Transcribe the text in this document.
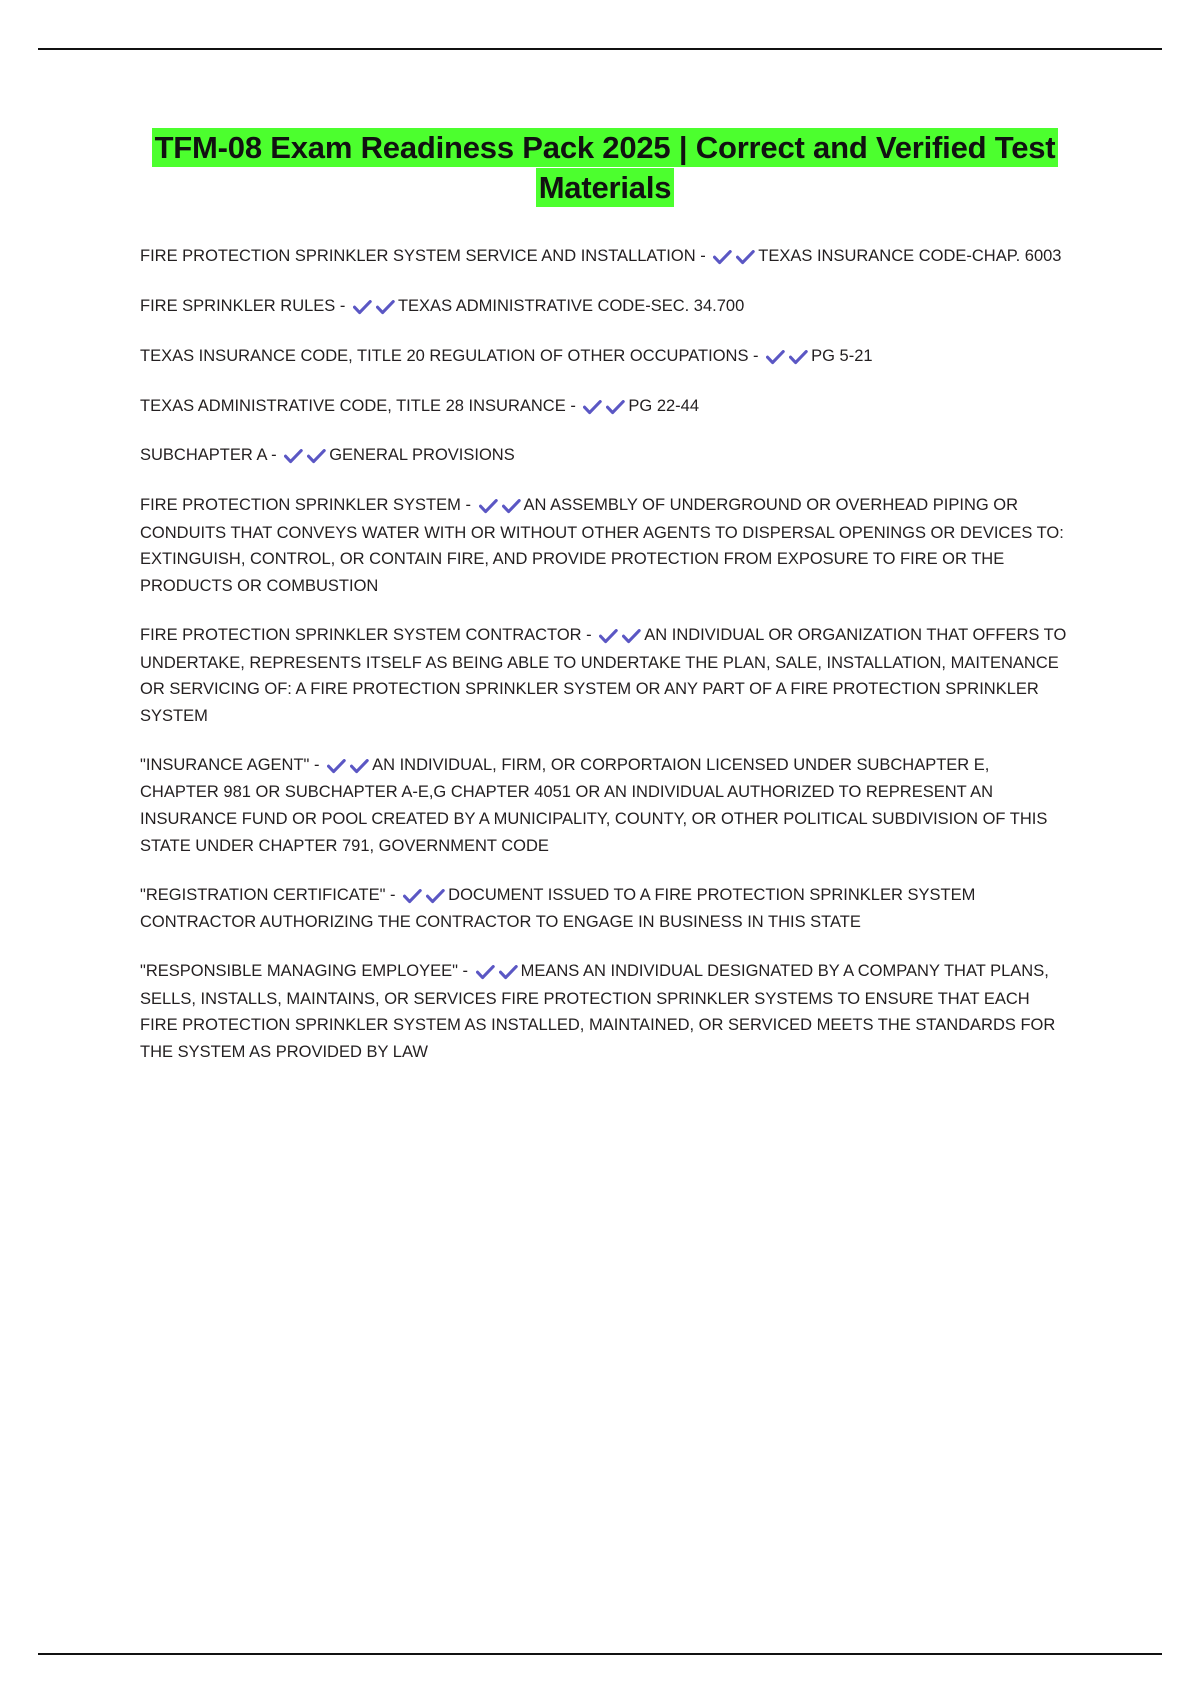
TFM-08 Exam Readiness Pack 2025 | Correct and Verified Test Materials

FIRE PROTECTION SPRINKLER SYSTEM SERVICE AND INSTALLATION -	TEXAS INSURANCE CODE-CHAP. 6003

FIRE SPRINKLER RULES -	TEXAS ADMINISTRATIVE CODE-SEC. 34.700

TEXAS INSURANCE CODE, TITLE 20 REGULATION OF OTHER OCCUPATIONS -	PG 5-21

TEXAS ADMINISTRATIVE CODE, TITLE 28 INSURANCE -	PG 22-44

SUBCHAPTER A -	GENERAL PROVISIONS

FIRE PROTECTION SPRINKLER SYSTEM -	AN ASSEMBLY OF UNDERGROUND OR OVERHEAD PIPING OR CONDUITS THAT CONVEYS WATER WITH OR WITHOUT OTHER AGENTS TO DISPERSAL OPENINGS OR DEVICES TO: EXTINGUISH, CONTROL, OR CONTAIN FIRE, AND PROVIDE PROTECTION FROM EXPOSURE TO FIRE OR THE PRODUCTS OR COMBUSTION

FIRE PROTECTION SPRINKLER SYSTEM CONTRACTOR -	AN INDIVIDUAL OR ORGANIZATION THAT OFFERS TO UNDERTAKE, REPRESENTS ITSELF AS BEING ABLE TO UNDERTAKE THE PLAN, SALE, INSTALLATION, MAITENANCE OR SERVICING OF: A FIRE PROTECTION SPRINKLER SYSTEM OR ANY PART OF A FIRE PROTECTION SPRINKLER SYSTEM

"INSURANCE AGENT" -	AN INDIVIDUAL, FIRM, OR CORPORTAION LICENSED UNDER SUBCHAPTER E, CHAPTER 981 OR SUBCHAPTER A-E,G CHAPTER 4051 OR AN INDIVIDUAL AUTHORIZED TO REPRESENT AN INSURANCE FUND OR POOL CREATED BY A MUNICIPALITY, COUNTY, OR OTHER POLITICAL SUBDIVISION OF THIS STATE UNDER CHAPTER 791, GOVERNMENT CODE

"REGISTRATION CERTIFICATE" -	DOCUMENT ISSUED TO A FIRE PROTECTION SPRINKLER SYSTEM CONTRACTOR AUTHORIZING THE CONTRACTOR TO ENGAGE IN BUSINESS IN THIS STATE

"RESPONSIBLE MANAGING EMPLOYEE" -	MEANS AN INDIVIDUAL DESIGNATED BY A COMPANY THAT PLANS, SELLS, INSTALLS, MAINTAINS, OR SERVICES FIRE PROTECTION SPRINKLER SYSTEMS TO ENSURE THAT EACH FIRE PROTECTION SPRINKLER SYSTEM AS INSTALLED, MAINTAINED, OR SERVICED MEETS THE STANDARDS FOR THE SYSTEM AS PROVIDED BY LAW
